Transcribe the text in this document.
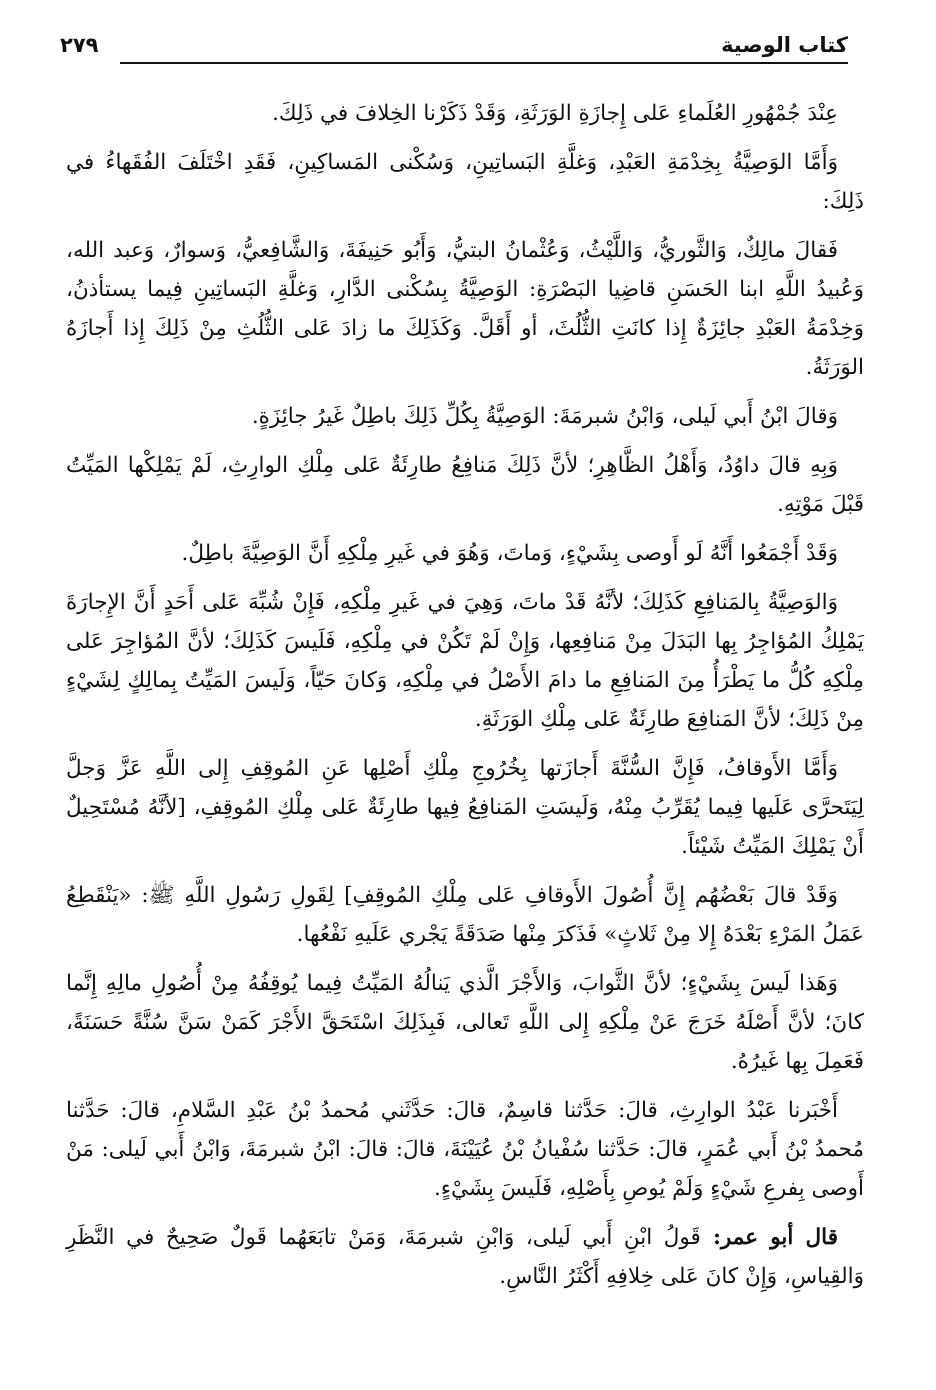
كتاب الوصية
٢٧٩

عِنْدَ جُمْهُورِ العُلَماءِ عَلى إِجازَةِ الوَرَثَةِ، وَقَدْ ذَكَرْنا الخِلافَ في ذَلِكَ.

وَأَمَّا الوَصِيَّةُ بِخِدْمَةِ العَبْدِ، وَغلَّةِ البَساتِينِ، وَسُكْنى المَساكِينِ، فَقَدِ اخْتَلَفَ الفُقَهاءُ في ذَلِكَ:

فَقالَ مالِكٌ، وَالثَّوريُّ، وَاللَّيْثُ، وَعُثْمانُ البتيُّ، وَأَبُو حَنِيفَةَ، وَالشَّافِعيُّ، وَسوارٌ، وَعبد الله، وَعُبيدُ اللَّهِ ابنا الحَسَنِ قاضِيا البَصْرَةِ: الوَصِيَّةُ بِسُكْنى الدَّارِ، وَغلَّةِ البَساتِينِ فِيما يستأذنُ، وَخِدْمَةُ العَبْدِ جائِزَةٌ إِذا كانَتِ الثُّلُثَ، أو أَقَلَّ. وَكَذَلِكَ ما زادَ عَلى الثُّلُثِ مِنْ ذَلِكَ إِذا أَجازَهُ الوَرَثَةُ.

وَقالَ ابْنُ أَبي لَيلى، وَابْنُ شبرمَةَ: الوَصِيَّةُ بِكُلِّ ذَلِكَ باطِلٌ غَيرُ جائِزَةٍ.

وَبِهِ قالَ داوُدُ، وَأَهْلُ الظَّاهِرِ؛ لأنَّ ذَلِكَ مَنافِعُ طارِئَةٌ عَلى مِلْكِ الوارِثِ، لَمْ يَمْلِكْها المَيِّتُ قَبْلَ مَوْتِهِ.

وَقَدْ أَجْمَعُوا أَنَّهُ لَو أَوصى بِشَيْءٍ، وَماتَ، وَهُوَ في غَيرِ مِلْكِهِ أَنَّ الوَصِيَّةَ باطِلٌ.

وَالوَصِيَّةُ بِالمَنافِعِ كَذَلِكَ؛ لأنَّهُ قَدْ ماتَ، وَهِيَ في غَيرِ مِلْكِهِ، فَإِنْ شُبِّهَ عَلى أَحَدٍ أَنَّ الإِجارَةَ يَمْلِكُ المُؤاجِرُ بِها البَدَلَ مِنْ مَنافِعِها، وَإِنْ لَمْ تَكُنْ في مِلْكِهِ، فَلَيسَ كَذَلِكَ؛ لأنَّ المُؤاجِرَ عَلى مِلْكِهِ كُلُّ ما يَطْرَأُ مِنَ المَنافِعِ ما دامَ الأَصْلُ في مِلْكِهِ، وَكانَ حَيّاً، وَلَيسَ المَيِّتُ بِمالِكٍ لِشَيْءٍ مِنْ ذَلِكَ؛ لأنَّ المَنافِعَ طارِئَةٌ عَلى مِلْكِ الوَرَثَةِ.

وَأَمَّا الأَوقافُ، فَإِنَّ السُّنَّةَ أَجازَتها بِخُرُوجِ مِلْكِ أَصْلِها عَنِ المُوقِفِ إِلى اللَّهِ عَزَّ وَجلَّ لِيَتَحرَّى عَلَيها فِيما يُقَرِّبُ مِنْهُ، وَلَيسَتِ المَنافِعُ فِيها طارِئَةٌ عَلى مِلْكِ المُوقِفِ، [لأنَّهُ مُسْتَحِيلٌ أَنْ يَمْلِكَ المَيِّتُ شَيْئاً.

وَقَدْ قالَ بَعْضُهُم إِنَّ أُصُولَ الأَوقافِ عَلى مِلْكِ المُوقِفِ] لِقَولِ رَسُولِ اللَّهِ ﷺ: «يَنْقَطِعُ عَمَلُ المَرْءِ بَعْدَهُ إِلا مِنْ ثَلاثٍ» فَذَكرَ مِنْها صَدَقَةً يَجْري عَلَيهِ نَفْعُها.

وَهَذا لَيسَ بِشَيْءٍ؛ لأنَّ الثَّوابَ، وَالأَجْرَ الَّذي يَنالُهُ المَيِّتُ فِيما يُوقِفُهُ مِنْ أُصُولِ مالِهِ إِنَّما كانَ؛ لأنَّ أَصْلَهُ خَرَجَ عَنْ مِلْكِهِ إِلى اللَّهِ تَعالى، فَبِذَلِكَ اسْتَحَقَّ الأَجْرَ كَمَنْ سَنَّ سُنَّةً حَسَنَةً، فَعَمِلَ بِها غَيرُهُ.

أَخْبَرنا عَبْدُ الوارِثِ، قالَ: حَدَّثنا قاسِمٌ، قالَ: حَدَّثَني مُحمدُ بْنُ عَبْدِ السَّلامِ، قالَ: حَدَّثنا مُحمدُ بْنُ أَبي عُمَرٍ، قالَ: حَدَّثنا سُفْيانُ بْنُ عُيَيْنَةَ، قالَ: قالَ: ابْنُ شبرمَةَ، وَابْنُ أَبي لَيلى: مَنْ أَوصى بِفرعِ شَيْءٍ وَلَمْ يُوصِ بِأَصْلِهِ، فَلَيسَ بِشَيْءٍ.

قال أبو عمر: قَولُ ابْنِ أَبي لَيلى، وَابْنِ شبرمَةَ، وَمَنْ تابَعَهُما قَولٌ صَحِيحٌ في النَّظَرِ وَالقِياسِ، وَإِنْ كانَ عَلى خِلافِهِ أَكْثَرُ النَّاسِ.
